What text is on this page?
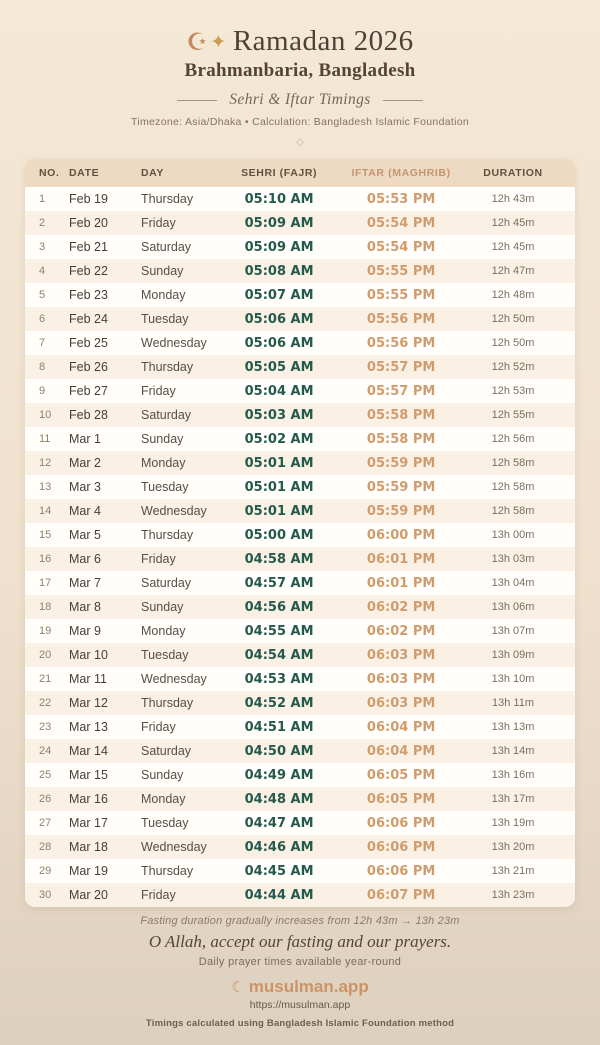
☪ ✦ Ramadan 2026
Brahmanbaria, Bangladesh
Sehri & Iftar Timings
Timezone: Asia/Dhaka • Calculation: Bangladesh Islamic Foundation
◇
NO. DATE	DAY	SEHRI (FAJR)	IFTAR (MAGHRIB)	DURATION
1	Feb 19	Thursday	05:10 AM	05:53 PM	12h 43m
2	Feb 20	Friday	05:09 AM	05:54 PM	12h 45m
3	Feb 21	Saturday	05:09 AM	05:54 PM	12h 45m
4	Feb 22	Sunday	05:08 AM	05:55 PM	12h 47m
5	Feb 23	Monday	05:07 AM	05:55 PM	12h 48m
6	Feb 24	Tuesday	05:06 AM	05:56 PM	12h 50m
7	Feb 25	Wednesday	05:06 AM	05:56 PM	12h 50m
8	Feb 26	Thursday	05:05 AM	05:57 PM	12h 52m
9	Feb 27	Friday	05:04 AM	05:57 PM	12h 53m
10	Feb 28	Saturday	05:03 AM	05:58 PM	12h 55m
11	Mar 1	Sunday	05:02 AM	05:58 PM	12h 56m
12	Mar 2	Monday	05:01 AM	05:59 PM	12h 58m
13	Mar 3	Tuesday	05:01 AM	05:59 PM	12h 58m
14	Mar 4	Wednesday	05:01 AM	05:59 PM	12h 58m
15	Mar 5	Thursday	05:00 AM	06:00 PM	13h 00m
16	Mar 6	Friday	04:58 AM	06:01 PM	13h 03m
17	Mar 7	Saturday	04:57 AM	06:01 PM	13h 04m
18	Mar 8	Sunday	04:56 AM	06:02 PM	13h 06m
19	Mar 9	Monday	04:55 AM	06:02 PM	13h 07m
20	Mar 10	Tuesday	04:54 AM	06:03 PM	13h 09m
21	Mar 11	Wednesday	04:53 AM	06:03 PM	13h 10m
22	Mar 12	Thursday	04:52 AM	06:03 PM	13h 11m
23	Mar 13	Friday	04:51 AM	06:04 PM	13h 13m
24	Mar 14	Saturday	04:50 AM	06:04 PM	13h 14m
25	Mar 15	Sunday	04:49 AM	06:05 PM	13h 16m
26	Mar 16	Monday	04:48 AM	06:05 PM	13h 17m
27	Mar 17	Tuesday	04:47 AM	06:06 PM	13h 19m
28	Mar 18	Wednesday	04:46 AM	06:06 PM	13h 20m
29	Mar 19	Thursday	04:45 AM	06:06 PM	13h 21m
30	Mar 20	Friday	04:44 AM	06:07 PM	13h 23m
Fasting duration gradually increases from 12h 43m → 13h 23m
O Allah, accept our fasting and our prayers.
Daily prayer times available year-round
☾ musulman.app
https://musulman.app
Timings calculated using Bangladesh Islamic Foundation method
